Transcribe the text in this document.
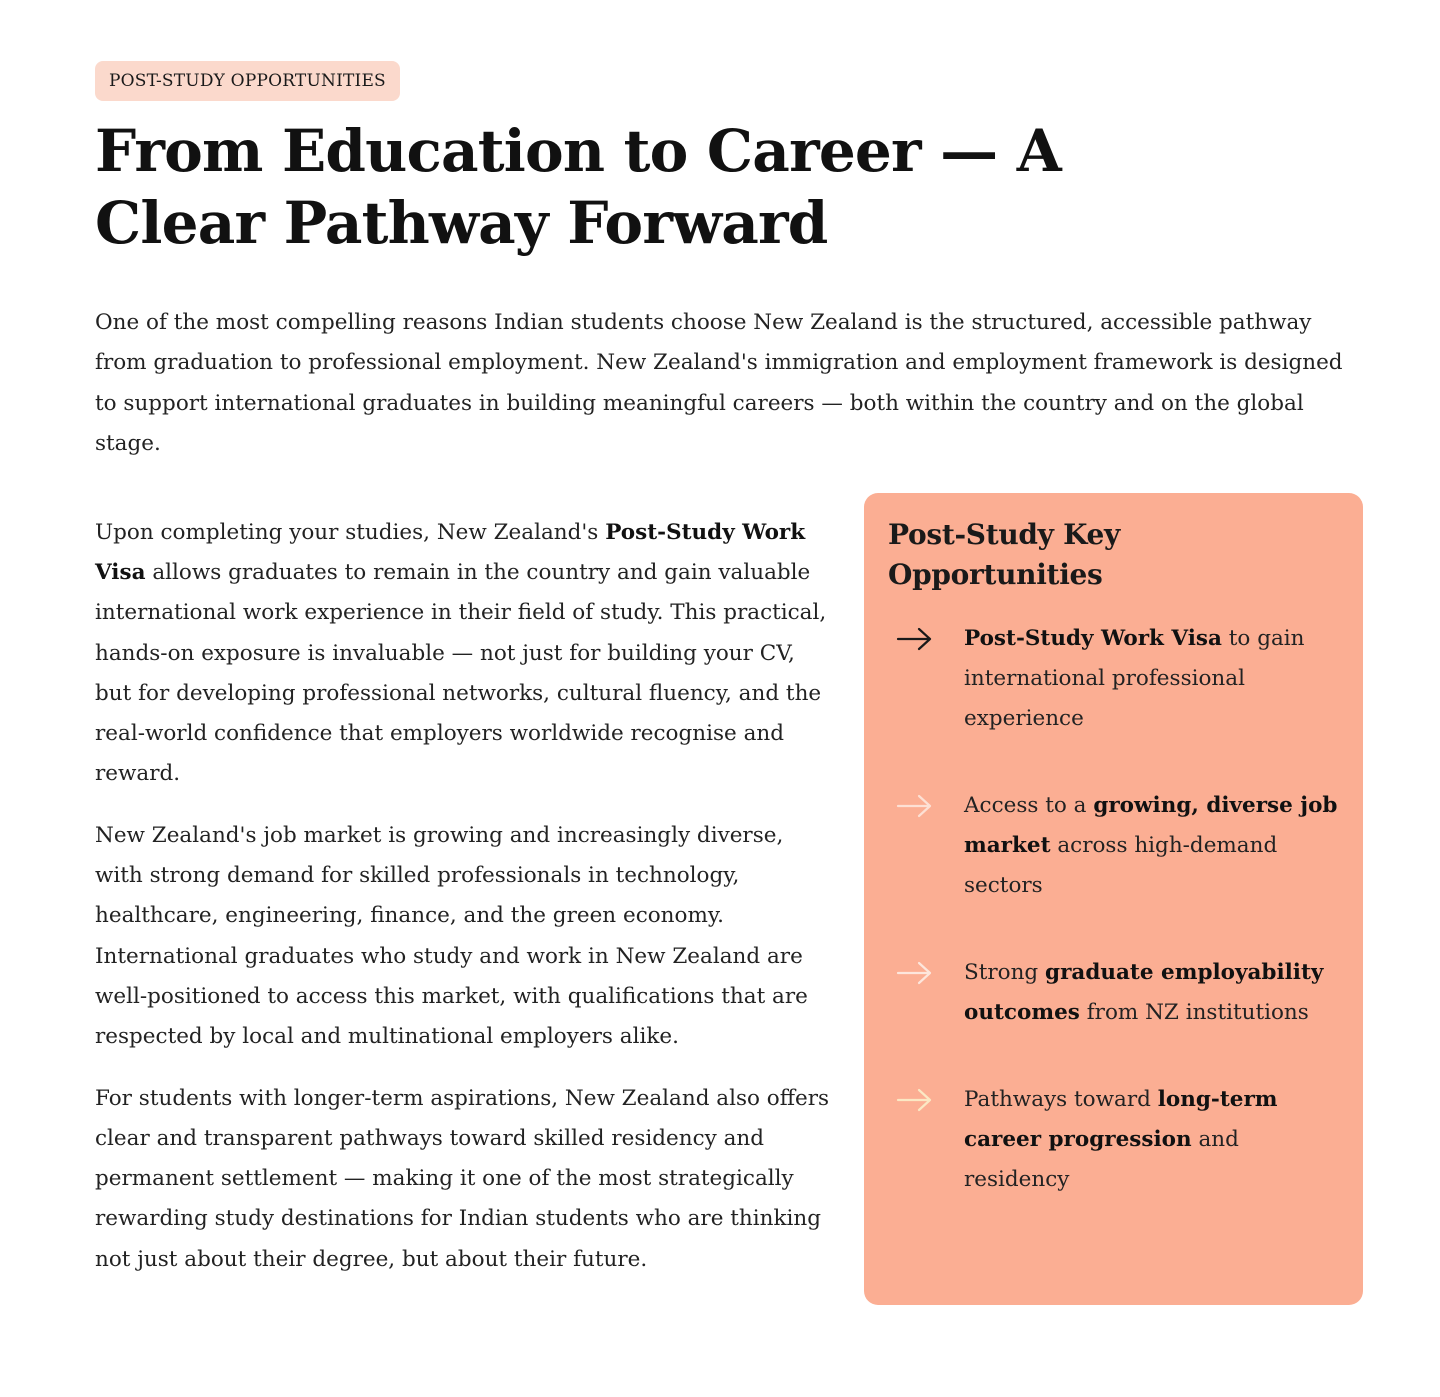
POST-STUDY OPPORTUNITIES
From Education to Career — A Clear Pathway Forward

One of the most compelling reasons Indian students choose New Zealand is the structured, accessible pathway from graduation to professional employment. New Zealand's immigration and employment framework is designed to support international graduates in building meaningful careers — both within the country and on the global stage.

Upon completing your studies, New Zealand's Post-Study Work Visa allows graduates to remain in the country and gain valuable international work experience in their field of study. This practical, hands-on exposure is invaluable — not just for building your CV, but for developing professional networks, cultural fluency, and the real-world confidence that employers worldwide recognise and reward.

New Zealand's job market is growing and increasingly diverse, with strong demand for skilled professionals in technology, healthcare, engineering, finance, and the green economy. International graduates who study and work in New Zealand are well-positioned to access this market, with qualifications that are respected by local and multinational employers alike.

For students with longer-term aspirations, New Zealand also offers clear and transparent pathways toward skilled residency and permanent settlement — making it one of the most strategically rewarding study destinations for Indian students who are thinking not just about their degree, but about their future.

Post-Study Key Opportunities
Post-Study Work Visa to gain international professional experience
Access to a growing, diverse job market across high-demand sectors
Strong graduate employability outcomes from NZ institutions
Pathways toward long-term career progression and residency
